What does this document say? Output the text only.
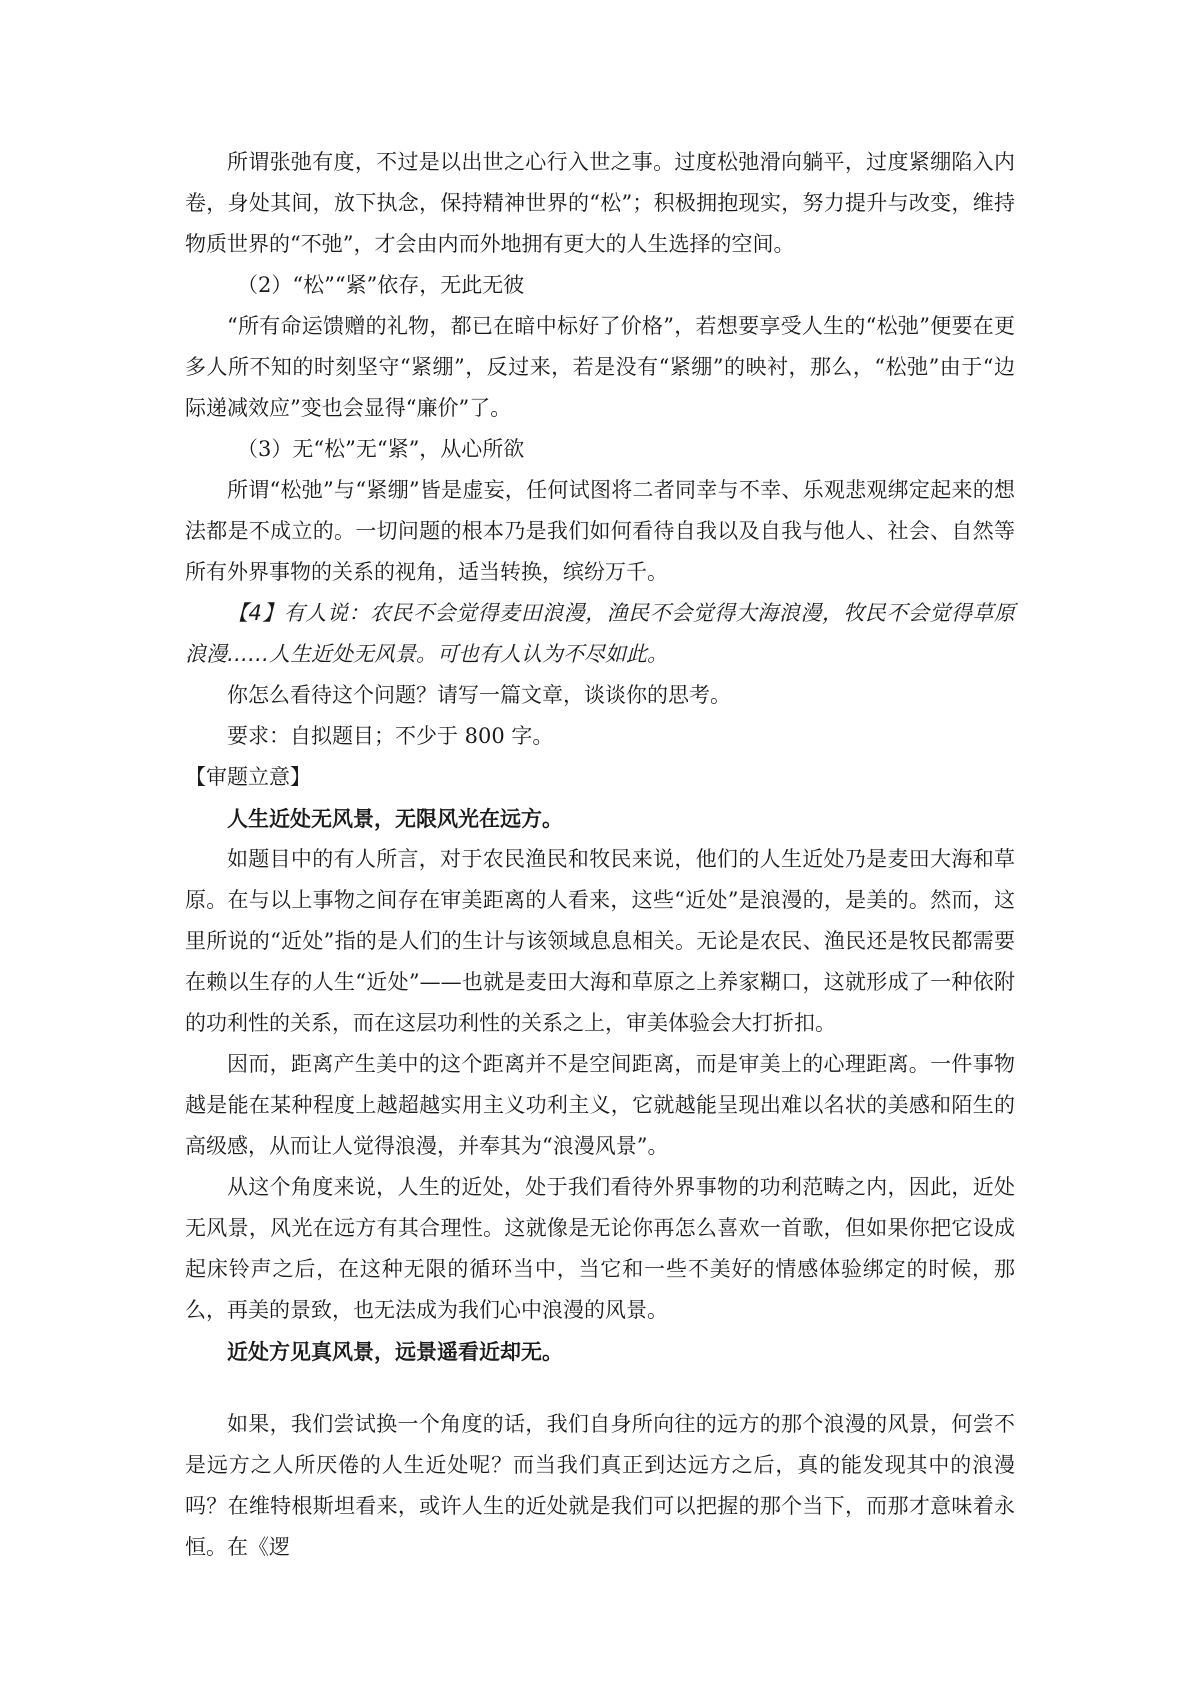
所谓张弛有度，不过是以出世之心行入世之事。过度松弛滑向躺平，过度紧绷陷入内卷，身处其间，放下执念，保持精神世界的“松”；积极拥抱现实，努力提升与改变，维持物质世界的“不弛”，才会由内而外地拥有更大的人生选择的空间。

（2）“松”“紧”依存，无此无彼

“所有命运馈赠的礼物，都已在暗中标好了价格”，若想要享受人生的“松弛”便要在更多人所不知的时刻坚守“紧绷”，反过来，若是没有“紧绷”的映衬，那么，“松弛”由于“边际递减效应”变也会显得“廉价”了。

（3）无“松”无“紧”，从心所欲

所谓“松弛”与“紧绷”皆是虚妄，任何试图将二者同幸与不幸、乐观悲观绑定起来的想法都是不成立的。一切问题的根本乃是我们如何看待自我以及自我与他人、社会、自然等所有外界事物的关系的视角，适当转换，缤纷万千。

【4】有人说：农民不会觉得麦田浪漫，渔民不会觉得大海浪漫，牧民不会觉得草原浪漫……人生近处无风景。可也有人认为不尽如此。

你怎么看待这个问题？请写一篇文章，谈谈你的思考。

要求：自拟题目；不少于 800 字。

【审题立意】

人生近处无风景，无限风光在远方。

如题目中的有人所言，对于农民渔民和牧民来说，他们的人生近处乃是麦田大海和草原。在与以上事物之间存在审美距离的人看来，这些“近处”是浪漫的，是美的。然而，这里所说的“近处”指的是人们的生计与该领域息息相关。无论是农民、渔民还是牧民都需要在赖以生存的人生“近处”——也就是麦田大海和草原之上养家糊口，这就形成了一种依附的功利性的关系，而在这层功利性的关系之上，审美体验会大打折扣。

因而，距离产生美中的这个距离并不是空间距离，而是审美上的心理距离。一件事物越是能在某种程度上越超越实用主义功利主义，它就越能呈现出难以名状的美感和陌生的高级感，从而让人觉得浪漫，并奉其为“浪漫风景”。

从这个角度来说，人生的近处，处于我们看待外界事物的功利范畴之内，因此，近处无风景，风光在远方有其合理性。这就像是无论你再怎么喜欢一首歌，但如果你把它设成起床铃声之后，在这种无限的循环当中，当它和一些不美好的情感体验绑定的时候，那么，再美的景致，也无法成为我们心中浪漫的风景。

近处方见真风景，远景遥看近却无。

如果，我们尝试换一个角度的话，我们自身所向往的远方的那个浪漫的风景，何尝不是远方之人所厌倦的人生近处呢？而当我们真正到达远方之后，真的能发现其中的浪漫吗？在维特根斯坦看来，或许人生的近处就是我们可以把握的那个当下，而那才意味着永恒。在《逻
